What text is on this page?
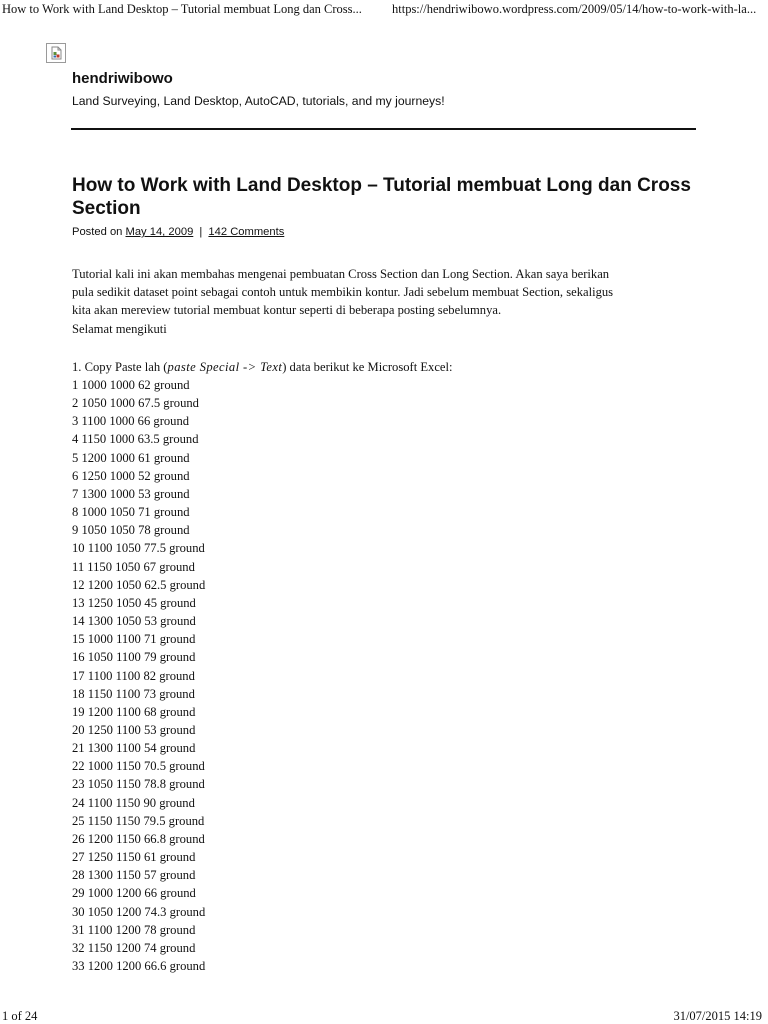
How to Work with Land Desktop – Tutorial membuat Long dan Cross... https://hendriwibowo.wordpress.com/2009/05/14/how-to-work-with-la...
hendriwibowo
Land Surveying, Land Desktop, AutoCAD, tutorials, and my journeys!
How to Work with Land Desktop – Tutorial membuat Long dan Cross Section
Posted on May 14, 2009 | 142 Comments

Tutorial kali ini akan membahas mengenai pembuatan Cross Section dan Long Section. Akan saya berikan

pula sedikit dataset point sebagai contoh untuk membikin kontur. Jadi sebelum membuat Section, sekaligus

kita akan mereview tutorial membuat kontur seperti di beberapa posting sebelumnya.

Selamat mengikuti

1. Copy Paste lah (paste Special -> Text) data berikut ke Microsoft Excel:
1 1000 1000 62 ground
2 1050 1000 67.5 ground
3 1100 1000 66 ground
4 1150 1000 63.5 ground
5 1200 1000 61 ground
6 1250 1000 52 ground
7 1300 1000 53 ground
8 1000 1050 71 ground
9 1050 1050 78 ground
10 1100 1050 77.5 ground
11 1150 1050 67 ground
12 1200 1050 62.5 ground
13 1250 1050 45 ground
14 1300 1050 53 ground
15 1000 1100 71 ground
16 1050 1100 79 ground
17 1100 1100 82 ground
18 1150 1100 73 ground
19 1200 1100 68 ground
20 1250 1100 53 ground
21 1300 1100 54 ground
22 1000 1150 70.5 ground
23 1050 1150 78.8 ground
24 1100 1150 90 ground
25 1150 1150 79.5 ground
26 1200 1150 66.8 ground
27 1250 1150 61 ground
28 1300 1150 57 ground
29 1000 1200 66 ground
30 1050 1200 74.3 ground
31 1100 1200 78 ground
32 1150 1200 74 ground
33 1200 1200 66.6 ground
1 of 24	31/07/2015 14:19
